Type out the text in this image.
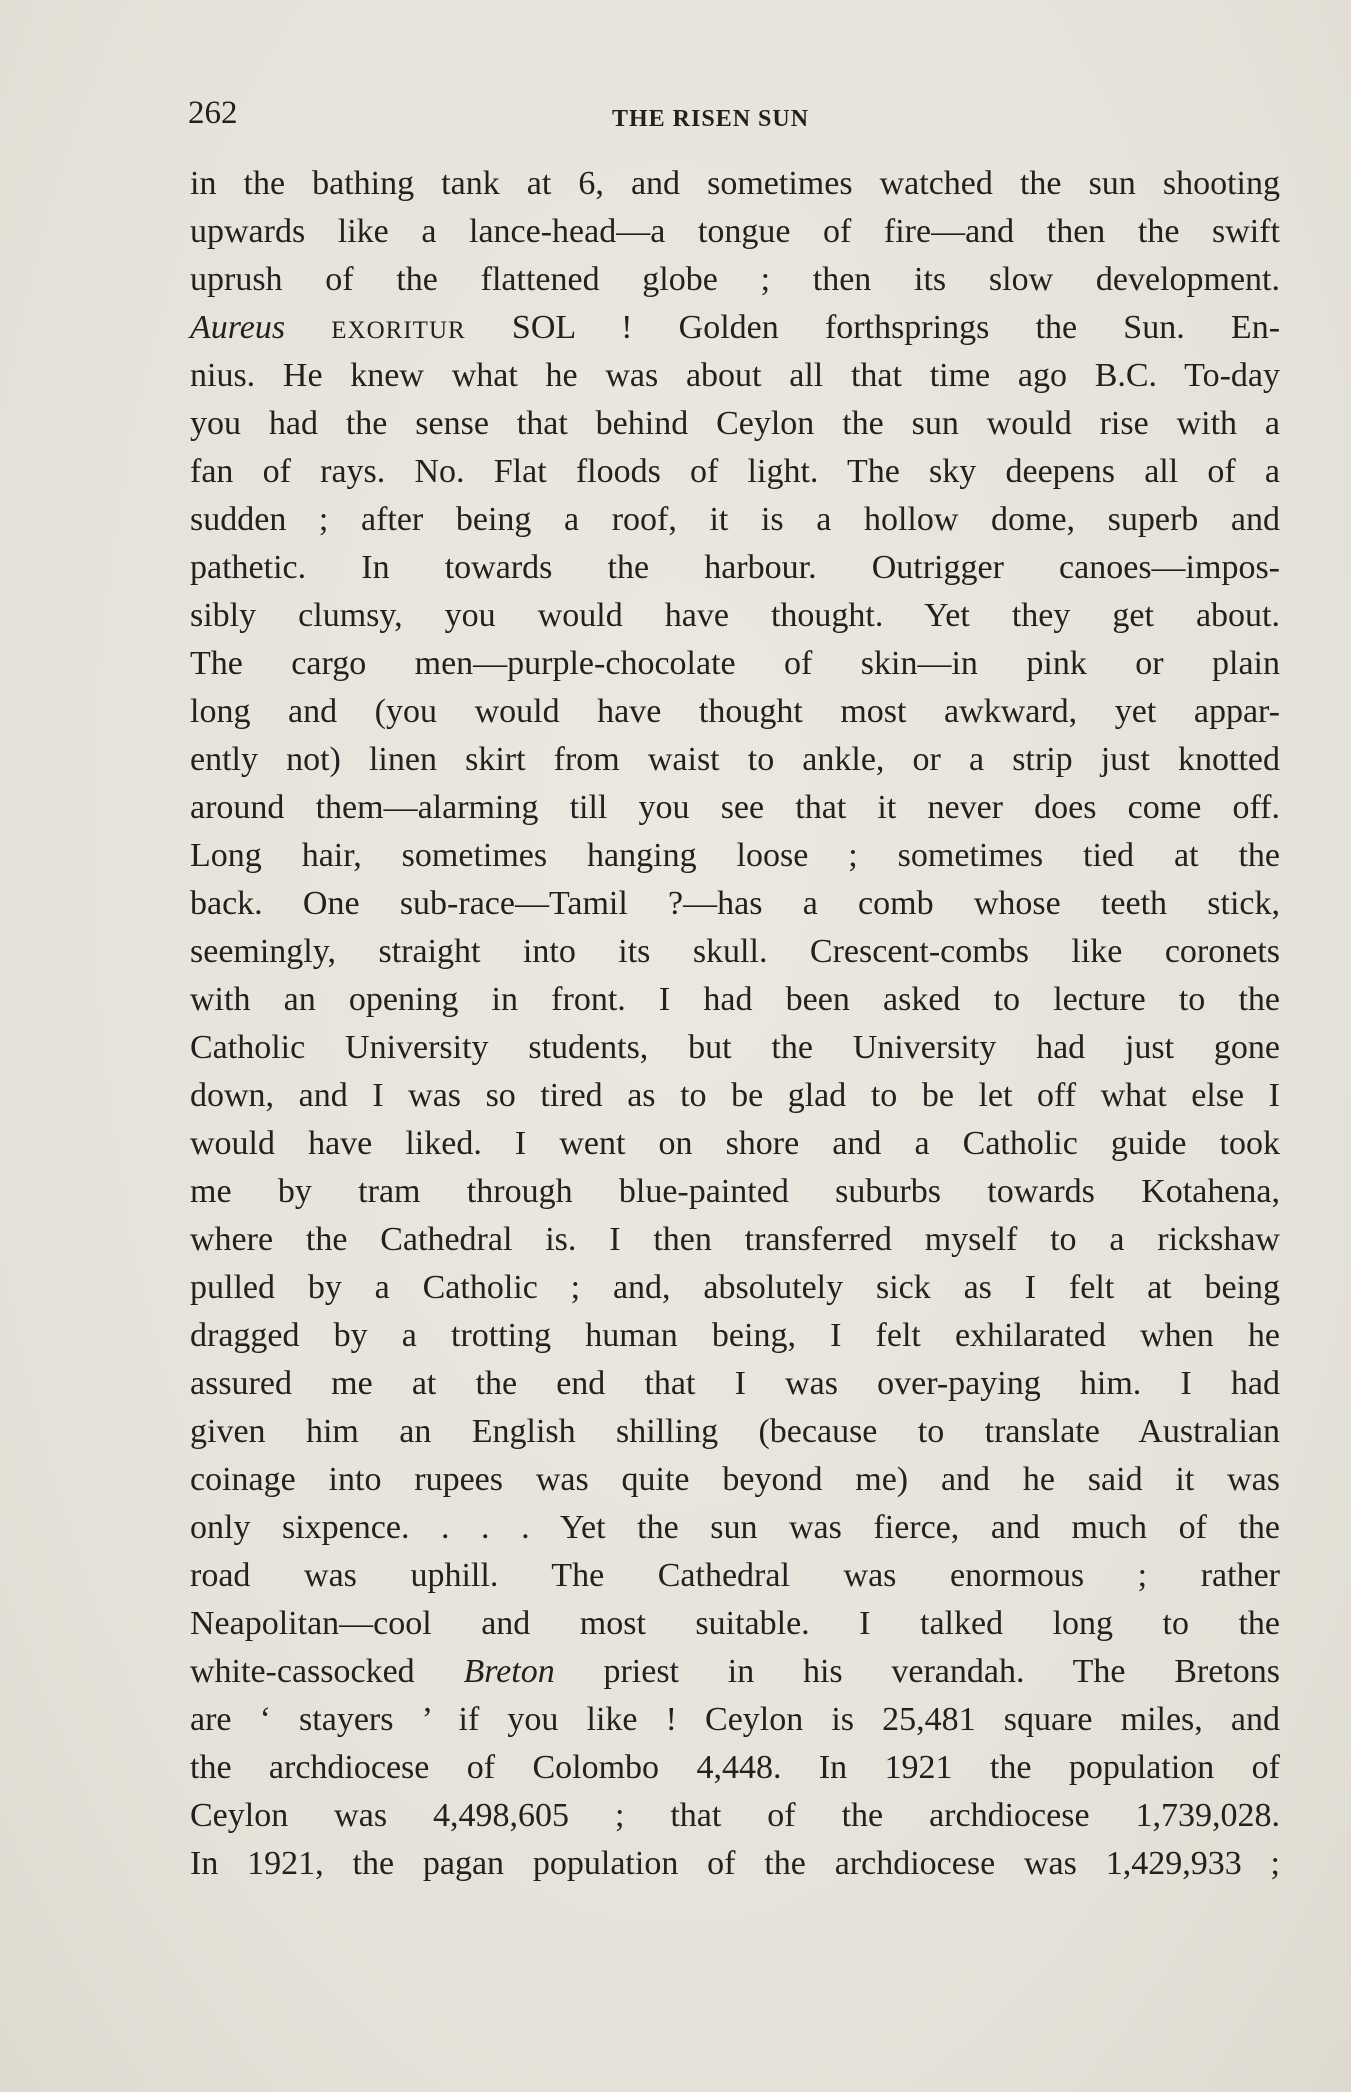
262	THE RISEN SUN
in the bathing tank at 6, and sometimes watched the sun shooting
upwards like a lance-head—a tongue of fire—and then the swift
uprush of the flattened globe ; then its slow development.
Aureus EXORITUR SOL ! Golden forthsprings the Sun. En-
nius. He knew what he was about all that time ago B.C. To-day
you had the sense that behind Ceylon the sun would rise with a
fan of rays. No. Flat floods of light. The sky deepens all of a
sudden ; after being a roof, it is a hollow dome, superb and
pathetic. In towards the harbour. Outrigger canoes—impos-
sibly clumsy, you would have thought. Yet they get about.
The cargo men—purple-chocolate of skin—in pink or plain
long and (you would have thought most awkward, yet appar-
ently not) linen skirt from waist to ankle, or a strip just knotted
around them—alarming till you see that it never does come off.
Long hair, sometimes hanging loose ; sometimes tied at the
back. One sub-race—Tamil ?—has a comb whose teeth stick,
seemingly, straight into its skull. Crescent-combs like coronets
with an opening in front. I had been asked to lecture to the
Catholic University students, but the University had just gone
down, and I was so tired as to be glad to be let off what else I
would have liked. I went on shore and a Catholic guide took
me by tram through blue-painted suburbs towards Kotahena,
where the Cathedral is. I then transferred myself to a rickshaw
pulled by a Catholic ; and, absolutely sick as I felt at being
dragged by a trotting human being, I felt exhilarated when he
assured me at the end that I was over-paying him. I had
given him an English shilling (because to translate Australian
coinage into rupees was quite beyond me) and he said it was
only sixpence. . . . Yet the sun was fierce, and much of the
road was uphill. The Cathedral was enormous ; rather
Neapolitan—cool and most suitable. I talked long to the
white-cassocked Breton priest in his verandah. The Bretons
are ‘ stayers ’ if you like ! Ceylon is 25,481 square miles, and
the archdiocese of Colombo 4,448. In 1921 the population of
Ceylon was 4,498,605 ; that of the archdiocese 1,739,028.
In 1921, the pagan population of the archdiocese was 1,429,933 ;
